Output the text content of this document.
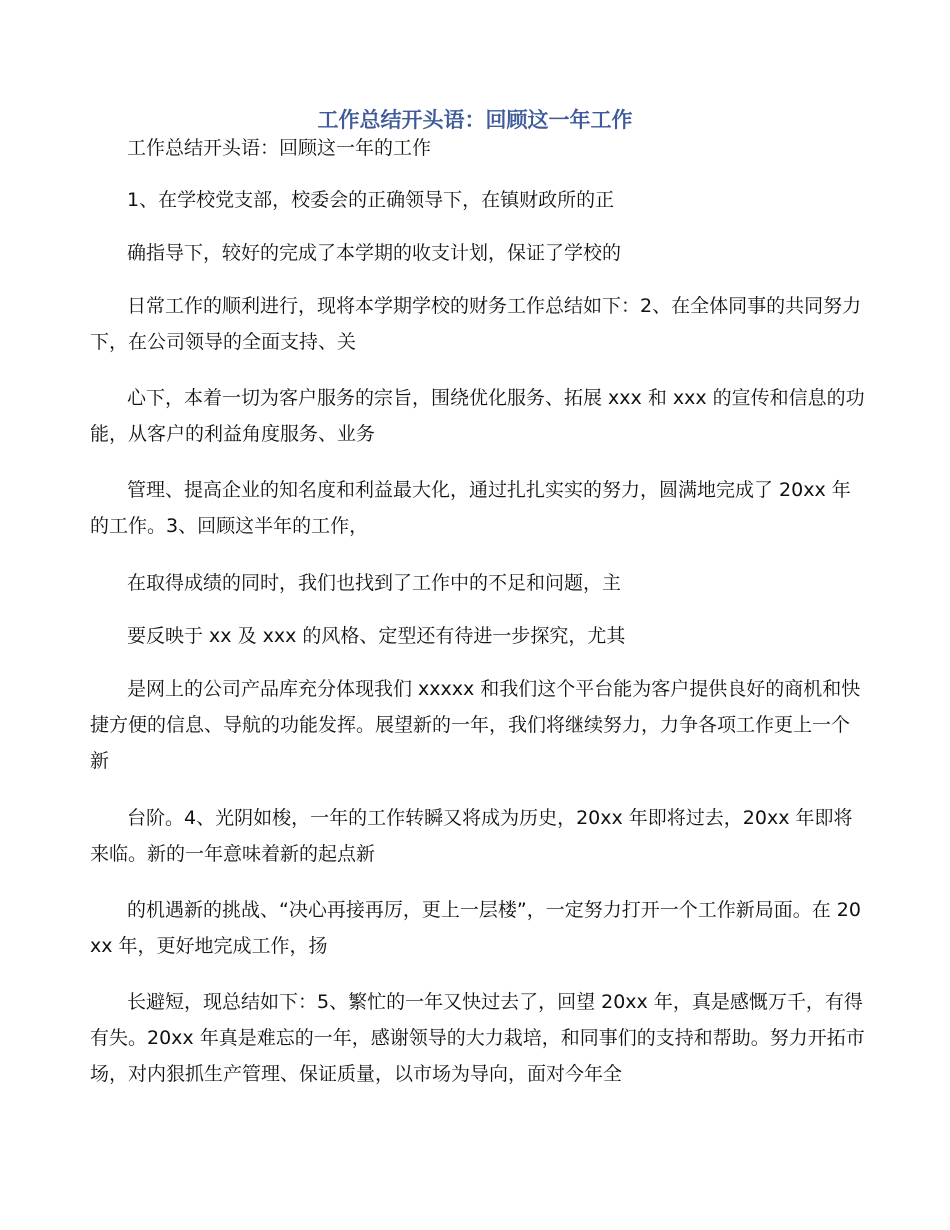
工作总结开头语：回顾这一年工作

工作总结开头语：回顾这一年的工作

1、在学校党支部，校委会的正确领导下，在镇财政所的正

确指导下，较好的完成了本学期的收支计划，保证了学校的

日常工作的顺利进行，现将本学期学校的财务工作总结如下：2、在全体同事的共同努力下，在公司领导的全面支持、关

心下，本着一切为客户服务的宗旨，围绕优化服务、拓展 xxx 和 xxx 的宣传和信息的功能，从客户的利益角度服务、业务

管理、提高企业的知名度和利益最大化，通过扎扎实实的努力，圆满地完成了 20xx 年的工作。3、回顾这半年的工作，

在取得成绩的同时，我们也找到了工作中的不足和问题，主

要反映于 xx 及 xxx 的风格、定型还有待进一步探究，尤其

是网上的公司产品库充分体现我们 xxxxx 和我们这个平台能为客户提供良好的商机和快捷方便的信息、导航的功能发挥。展望新的一年，我们将继续努力，力争各项工作更上一个新

台阶。4、光阴如梭，一年的工作转瞬又将成为历史，20xx 年即将过去，20xx 年即将来临。新的一年意味着新的起点新

的机遇新的挑战、“决心再接再厉，更上一层楼”，一定努力打开一个工作新局面。在 20xx 年，更好地完成工作，扬

长避短，现总结如下：5、繁忙的一年又快过去了，回望 20xx 年，真是感慨万千，有得有失。20xx 年真是难忘的一年，感谢领导的大力栽培，和同事们的支持和帮助。努力开拓市场，对内狠抓生产管理、保证质量，以市场为导向，面对今年全
